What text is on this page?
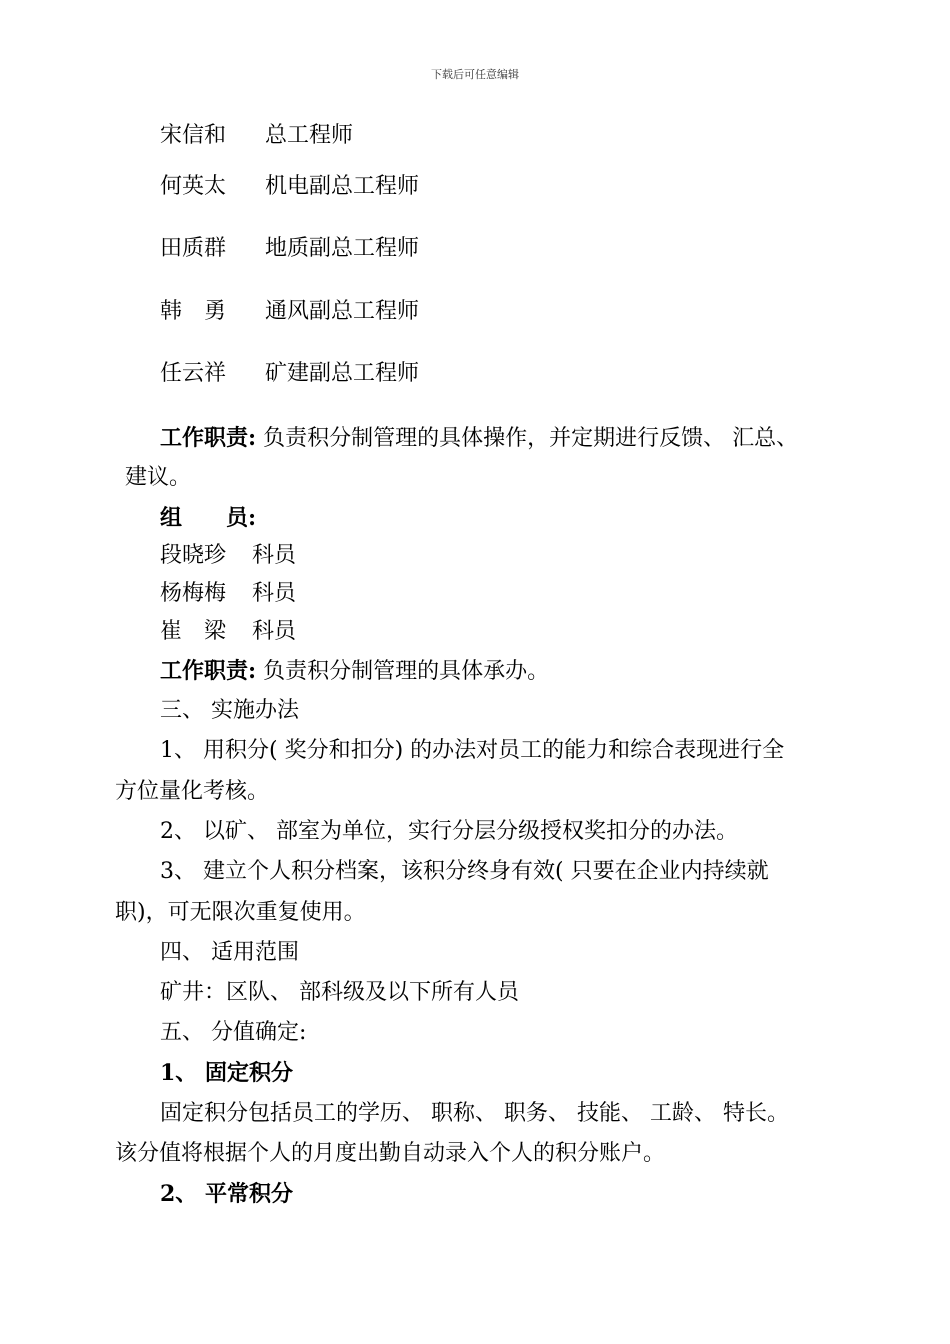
下载后可任意编辑
宋信和 总工程师
何英太 机电副总工程师
田质群 地质副总工程师
韩　勇 通风副总工程师
任云祥 矿建副总工程师
工作职责: 负责积分制管理的具体操作，并定期进行反馈、 汇总、
建议。
组　　员:
段晓珍 科员
杨梅梅 科员
崔　梁 科员
工作职责: 负责积分制管理的具体承办。
三、 实施办法
1、 用积分( 奖分和扣分) 的办法对员工的能力和综合表现进行全
方位量化考核。
2、 以矿、 部室为单位，实行分层分级授权奖扣分的办法。
3、 建立个人积分档案，该积分终身有效( 只要在企业内持续就
职)，可无限次重复使用。
四、 适用范围
矿井：区队、 部科级及以下所有人员
五、 分值确定:
1、 固定积分
固定积分包括员工的学历、 职称、 职务、 技能、 工龄、 特长。
该分值将根据个人的月度出勤自动录入个人的积分账户。
2、 平常积分
